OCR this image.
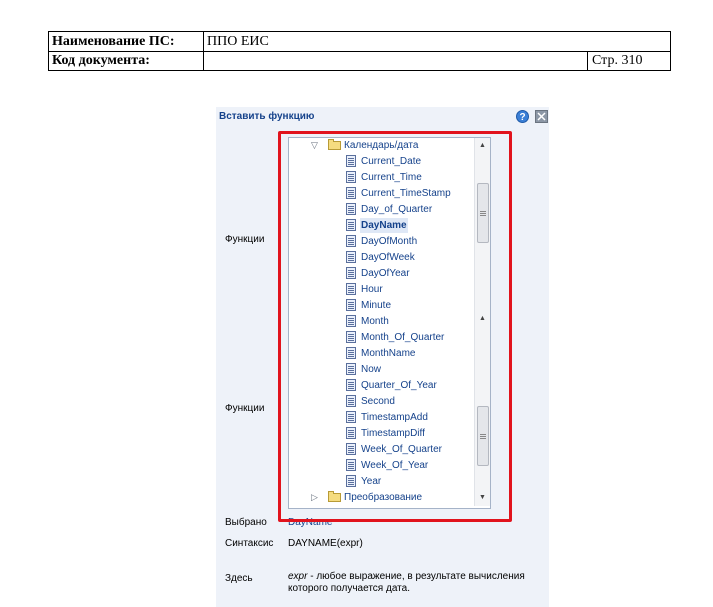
Наименование ПС:	ППО ЕИС
Код документа:	Стр. 310
Вставить функцию	?
Функции
Функции
▽	Календарь/дата
Current_Date
Current_Time
Current_TimeStamp
Day_of_Quarter
DayName
DayOfMonth
DayOfWeek
DayOfYear
Hour
Minute
Month
Month_Of_Quarter
MonthName
Now
Quarter_Of_Year
Second
TimestampAdd
TimestampDiff
Week_Of_Quarter
Week_Of_Year
Year
▷	Преобразование
▲
▲
▼
Выбрано DayName
Синтаксис DAYNAME(expr)
Здесь	expr - любое выражение, в результате вычисления которого получается дата.
